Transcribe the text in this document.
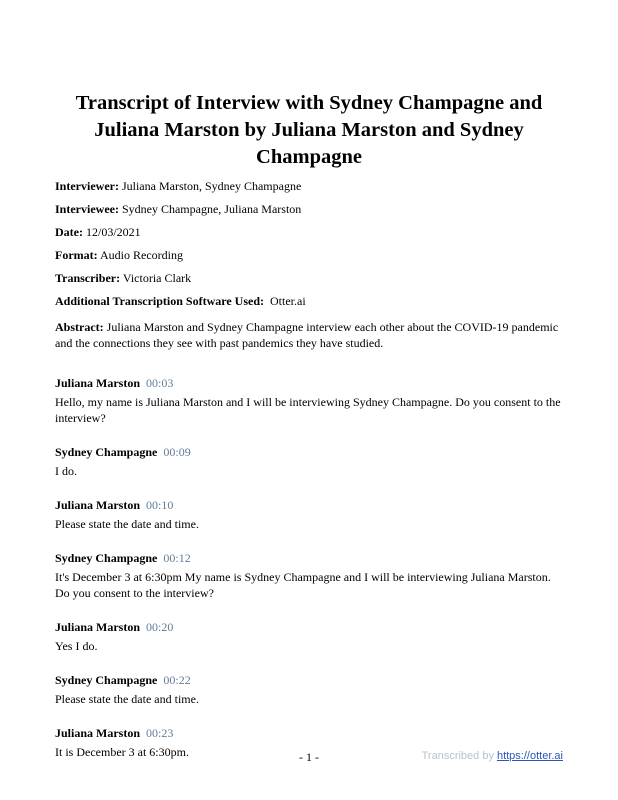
Transcript of Interview with Sydney Champagne and Juliana Marston by Juliana Marston and Sydney Champagne
Interviewer: Juliana Marston, Sydney Champagne
Interviewee: Sydney Champagne, Juliana Marston
Date: 12/03/2021
Format: Audio Recording
Transcriber: Victoria Clark
Additional Transcription Software Used: Otter.ai
Abstract: Juliana Marston and Sydney Champagne interview each other about the COVID-19 pandemic and the connections they see with past pandemics they have studied.
Juliana Marston 00:03
Hello, my name is Juliana Marston and I will be interviewing Sydney Champagne. Do you consent to the interview?
Sydney Champagne 00:09
I do.
Juliana Marston 00:10
Please state the date and time.
Sydney Champagne 00:12
It's December 3 at 6:30pm My name is Sydney Champagne and I will be interviewing Juliana Marston. Do you consent to the interview?
Juliana Marston 00:20
Yes I do.
Sydney Champagne 00:22
Please state the date and time.
Juliana Marston 00:23
It is December 3 at 6:30pm.	- 1 -	Transcribed by https://otter.ai
